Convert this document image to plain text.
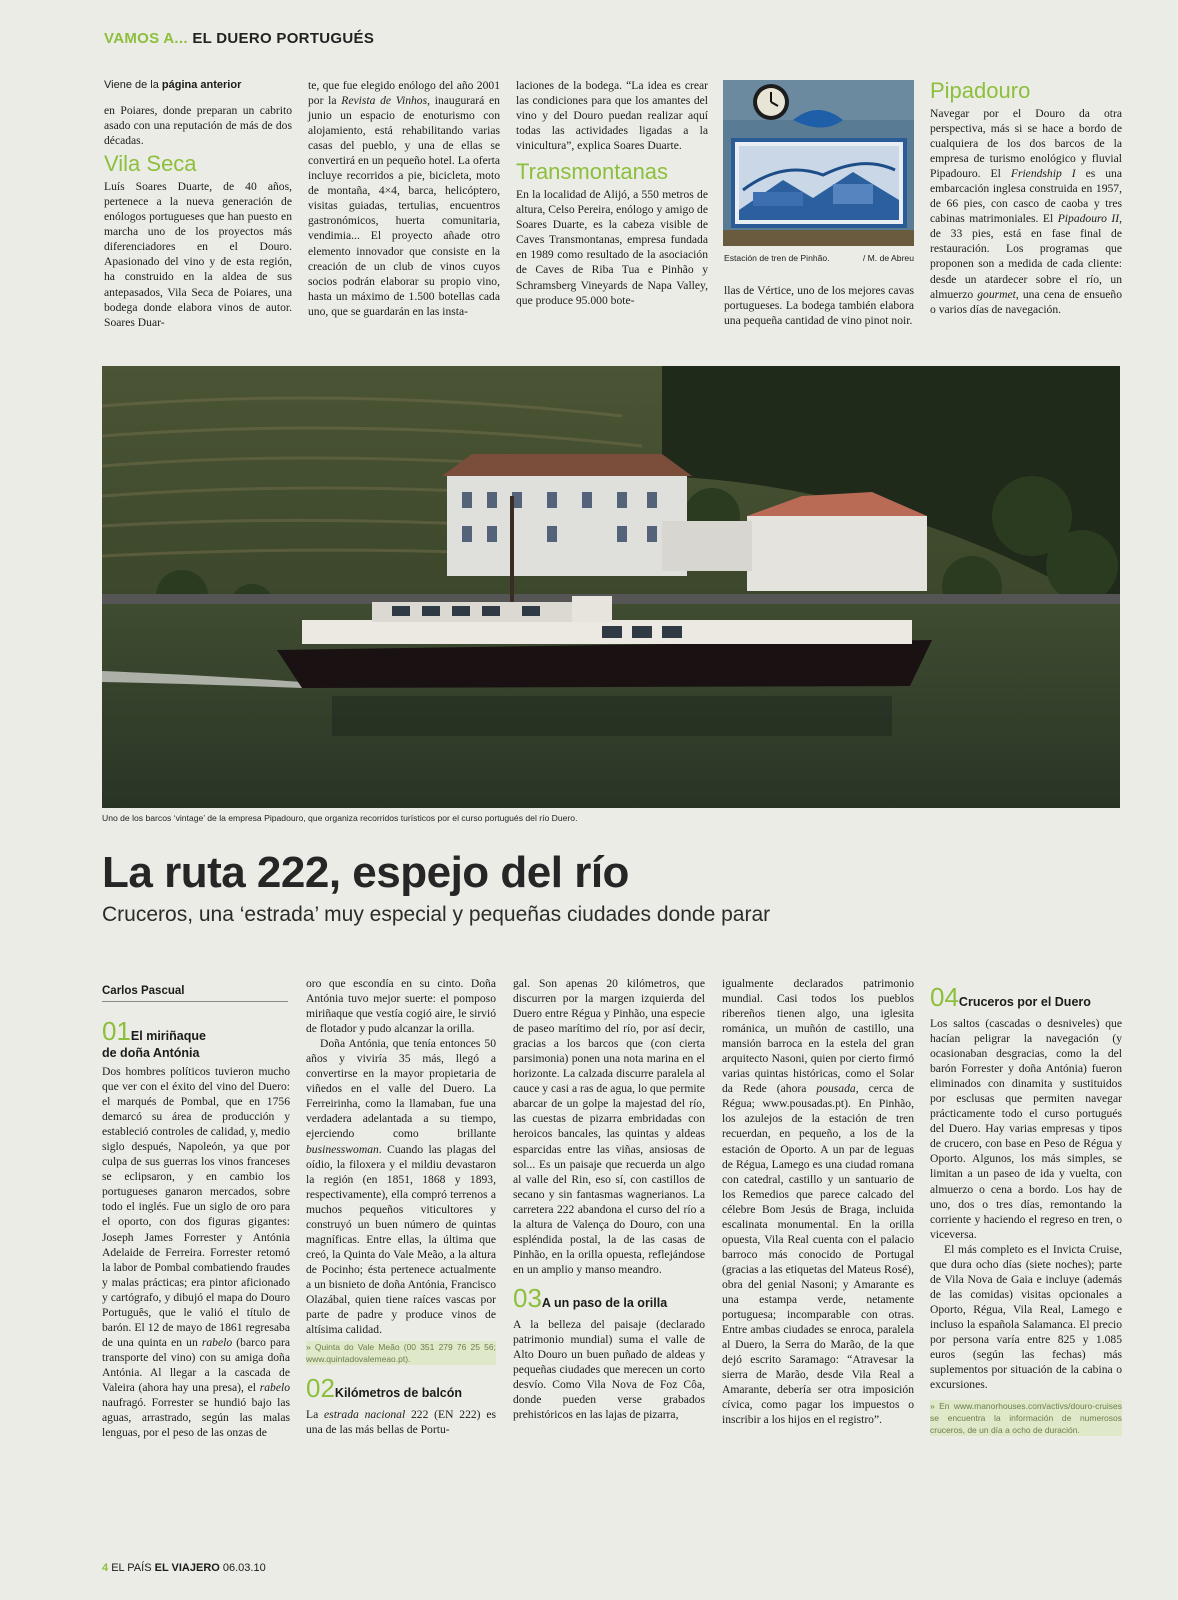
VAMOS A... EL DUERO PORTUGUÉS

Viene de la página anterior

en Poiares, donde preparan un cabrito asado con una reputación de más de dos décadas.

Vila Seca

Luís Soares Duarte, de 40 años, pertenece a la nueva generación de enólogos portugueses que han puesto en marcha uno de los proyectos más diferenciadores en el Douro. Apasionado del vino y de esta región, ha construido en la aldea de sus antepasados, Vila Seca de Poiares, una bodega donde elabora vinos de autor. Soares Duar-

te, que fue elegido enólogo del año 2001 por la Revista de Vinhos, inaugurará en junio un espacio de enoturismo con alojamiento, está rehabilitando varias casas del pueblo, y una de ellas se convertirá en un pequeño hotel. La oferta incluye recorridos a pie, bicicleta, moto de montaña, 4×4, barca, helicóptero, visitas guiadas, tertulias, encuentros gastronómicos, huerta comunitaria, vendimia... El proyecto añade otro elemento innovador que consiste en la creación de un club de vinos cuyos socios podrán elaborar su propio vino, hasta un máximo de 1.500 botellas cada uno, que se guardarán en las insta-

laciones de la bodega. “La idea es crear las condiciones para que los amantes del vino y del Douro puedan realizar aquí todas las actividades ligadas a la vinicultura”, explica Soares Duarte.

Transmontanas

En la localidad de Alijó, a 550 metros de altura, Celso Pereira, enólogo y amigo de Soares Duarte, es la cabeza visible de Caves Transmontanas, empresa fundada en 1989 como resultado de la asociación de Caves de Riba Tua e Pinhão y Schramsberg Vineyards de Napa Valley, que produce 95.000 bote-

Estación de tren de Pinhão.	/ M. de Abreu

llas de Vértice, uno de los mejores cavas portugueses. La bodega también elabora una pequeña cantidad de vino pinot noir.

Pipadouro

Navegar por el Douro da otra perspectiva, más si se hace a bordo de cualquiera de los dos barcos de la empresa de turismo enológico y fluvial Pipadouro. El Friendship I es una embarcación inglesa construida en 1957, de 66 pies, con casco de caoba y tres cabinas matrimoniales. El Pipadouro II, de 33 pies, está en fase final de restauración. Los programas que proponen son a medida de cada cliente: desde un atardecer sobre el río, un almuerzo gourmet, una cena de ensueño o varios días de navegación.

Uno de los barcos ‘vintage’ de la empresa Pipadouro, que organiza recorridos turísticos por el curso portugués del río Duero.
La ruta 222, espejo del río
Cruceros, una ‘estrada’ muy especial y pequeñas ciudades donde parar
Carlos Pascual
01El miriñaque
de doña Antónia

Dos hombres políticos tuvieron mucho que ver con el éxito del vino del Duero: el marqués de Pombal, que en 1756 demarcó su área de producción y estableció controles de calidad, y, medio siglo después, Napoleón, ya que por culpa de sus guerras los vinos franceses se eclipsaron, y en cambio los portugueses ganaron mercados, sobre todo el inglés. Fue un siglo de oro para el oporto, con dos figuras gigantes: Joseph James Forrester y Antónia Adelaide de Ferreira. Forrester retomó la labor de Pombal combatiendo fraudes y malas prácticas; era pintor aficionado y cartógrafo, y dibujó el mapa do Douro Português, que le valió el título de barón. El 12 de mayo de 1861 regresaba de una quinta en un rabelo (barco para transporte del vino) con su amiga doña Antónia. Al llegar a la cascada de Valeira (ahora hay una presa), el rabelo naufragó. Forrester se hundió bajo las aguas, arrastrado, según las malas lenguas, por el peso de las onzas de

oro que escondía en su cinto. Doña Antónia tuvo mejor suerte: el pomposo miriñaque que vestía cogió aire, le sirvió de flotador y pudo alcanzar la orilla.

Doña Antónia, que tenía entonces 50 años y viviría 35 más, llegó a convertirse en la mayor propietaria de viñedos en el valle del Duero. La Ferreirinha, como la llamaban, fue una verdadera adelantada a su tiempo, ejerciendo como brillante businesswoman. Cuando las plagas del oídio, la filoxera y el mildiu devastaron la región (en 1851, 1868 y 1893, respectivamente), ella compró terrenos a muchos pequeños viticultores y construyó un buen número de quintas magníficas. Entre ellas, la última que creó, la Quinta do Vale Meão, a la altura de Pocinho; ésta pertenece actualmente a un bisnieto de doña Antónia, Francisco Olazábal, quien tiene raíces vascas por parte de padre y produce vinos de altísima calidad.

» Quinta do Vale Meão (00 351 279 76 25 56; www.quintadovalemeao.pt).

02Kilómetros de balcón

La estrada nacional 222 (EN 222) es una de las más bellas de Portu-

gal. Son apenas 20 kilómetros, que discurren por la margen izquierda del Duero entre Régua y Pinhão, una especie de paseo marítimo del río, por así decir, gracias a los barcos que (con cierta parsimonia) ponen una nota marina en el horizonte. La calzada discurre paralela al cauce y casi a ras de agua, lo que permite abarcar de un golpe la majestad del río, las cuestas de pizarra embridadas con heroicos bancales, las quintas y aldeas esparcidas entre las viñas, ansiosas de sol... Es un paisaje que recuerda un algo al valle del Rin, eso sí, con castillos de secano y sin fantasmas wagnerianos. La carretera 222 abandona el curso del río a la altura de Valença do Douro, con una espléndida postal, la de las casas de Pinhão, en la orilla opuesta, reflejándose en un amplio y manso meandro.

03A un paso de la orilla

A la belleza del paisaje (declarado patrimonio mundial) suma el valle de Alto Douro un buen puñado de aldeas y pequeñas ciudades que merecen un corto desvío. Como Vila Nova de Foz Côa, donde pueden verse grabados prehistóricos en las lajas de pizarra,

igualmente declarados patrimonio mundial. Casi todos los pueblos ribereños tienen algo, una iglesita románica, un muñón de castillo, una mansión barroca en la estela del gran arquitecto Nasoni, quien por cierto firmó varias quintas históricas, como el Solar da Rede (ahora pousada, cerca de Régua; www.pousadas.pt). En Pinhão, los azulejos de la estación de tren recuerdan, en pequeño, a los de la estación de Oporto. A un par de leguas de Régua, Lamego es una ciudad romana con catedral, castillo y un santuario de los Remedios que parece calcado del célebre Bom Jesús de Braga, incluida escalinata monumental. En la orilla opuesta, Vila Real cuenta con el palacio barroco más conocido de Portugal (gracias a las etiquetas del Mateus Rosé), obra del genial Nasoni; y Amarante es una estampa verde, netamente portuguesa; incomparable con otras. Entre ambas ciudades se enroca, paralela al Duero, la Serra do Marão, de la que dejó escrito Saramago: “Atravesar la sierra de Marão, desde Vila Real a Amarante, debería ser otra imposición cívica, como pagar los impuestos o inscribir a los hijos en el registro”.

04Cruceros por el Duero

Los saltos (cascadas o desniveles) que hacían peligrar la navegación (y ocasionaban desgracias, como la del barón Forrester y doña Antónia) fueron eliminados con dinamita y sustituidos por esclusas que permiten navegar prácticamente todo el curso portugués del Duero. Hay varias empresas y tipos de crucero, con base en Peso de Régua y Oporto. Algunos, los más simples, se limitan a un paseo de ida y vuelta, con almuerzo o cena a bordo. Los hay de uno, dos o tres días, remontando la corriente y haciendo el regreso en tren, o viceversa.

El más completo es el Invicta Cruise, que dura ocho días (siete noches); parte de Vila Nova de Gaia e incluye (además de las comidas) visitas opcionales a Oporto, Régua, Vila Real, Lamego e incluso la española Salamanca. El precio por persona varía entre 825 y 1.085 euros (según las fechas) más suplementos por situación de la cabina o excursiones.

» En www.manorhouses.com/activs/douro-cruises se encuentra la información de numerosos cruceros, de un día a ocho de duración.

4 EL PAÍS EL VIAJERO 06.03.10
